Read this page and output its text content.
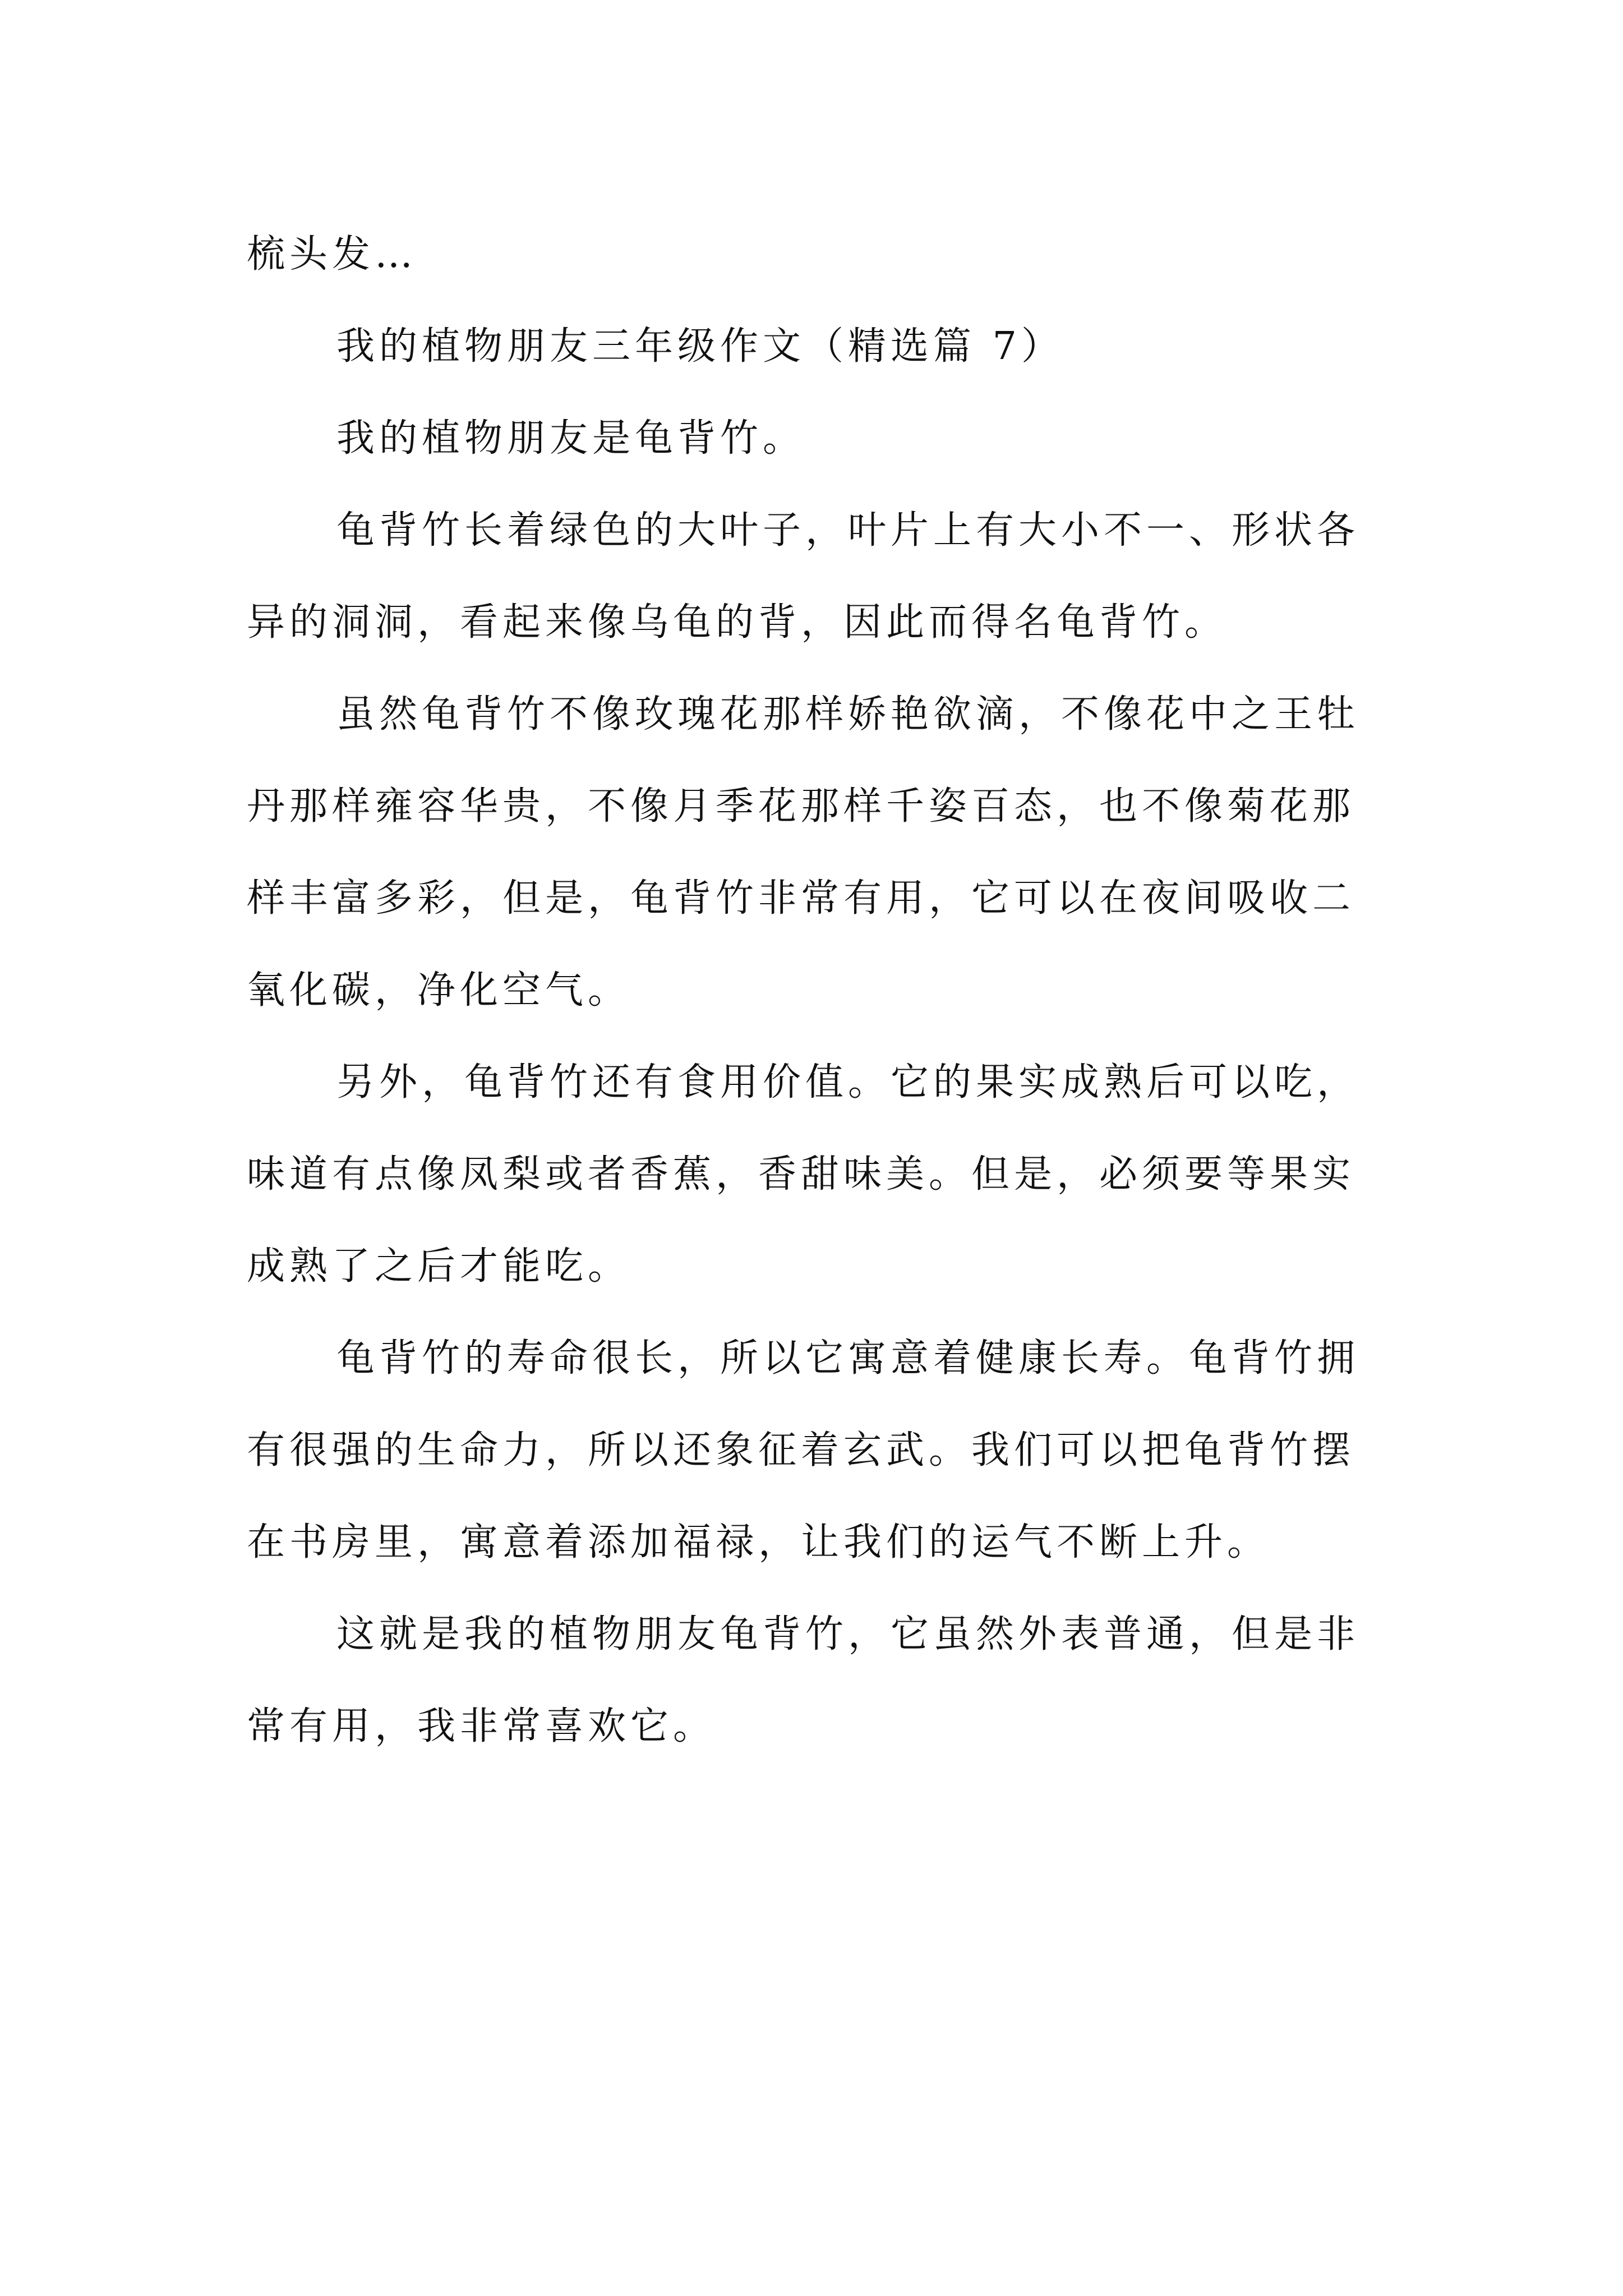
梳头发…
我的植物朋友三年级作文（精选篇 7）
我的植物朋友是龟背竹。
龟背竹长着绿色的大叶子，叶片上有大小不一、形状各
异的洞洞，看起来像乌龟的背，因此而得名龟背竹。
虽然龟背竹不像玫瑰花那样娇艳欲滴，不像花中之王牡
丹那样雍容华贵，不像月季花那样千姿百态，也不像菊花那
样丰富多彩，但是，龟背竹非常有用，它可以在夜间吸收二
氧化碳，净化空气。
另外，龟背竹还有食用价值。它的果实成熟后可以吃，
味道有点像凤梨或者香蕉，香甜味美。但是，必须要等果实
成熟了之后才能吃。
龟背竹的寿命很长，所以它寓意着健康长寿。龟背竹拥
有很强的生命力，所以还象征着玄武。我们可以把龟背竹摆
在书房里，寓意着添加福禄，让我们的运气不断上升。
这就是我的植物朋友龟背竹，它虽然外表普通，但是非
常有用，我非常喜欢它。
